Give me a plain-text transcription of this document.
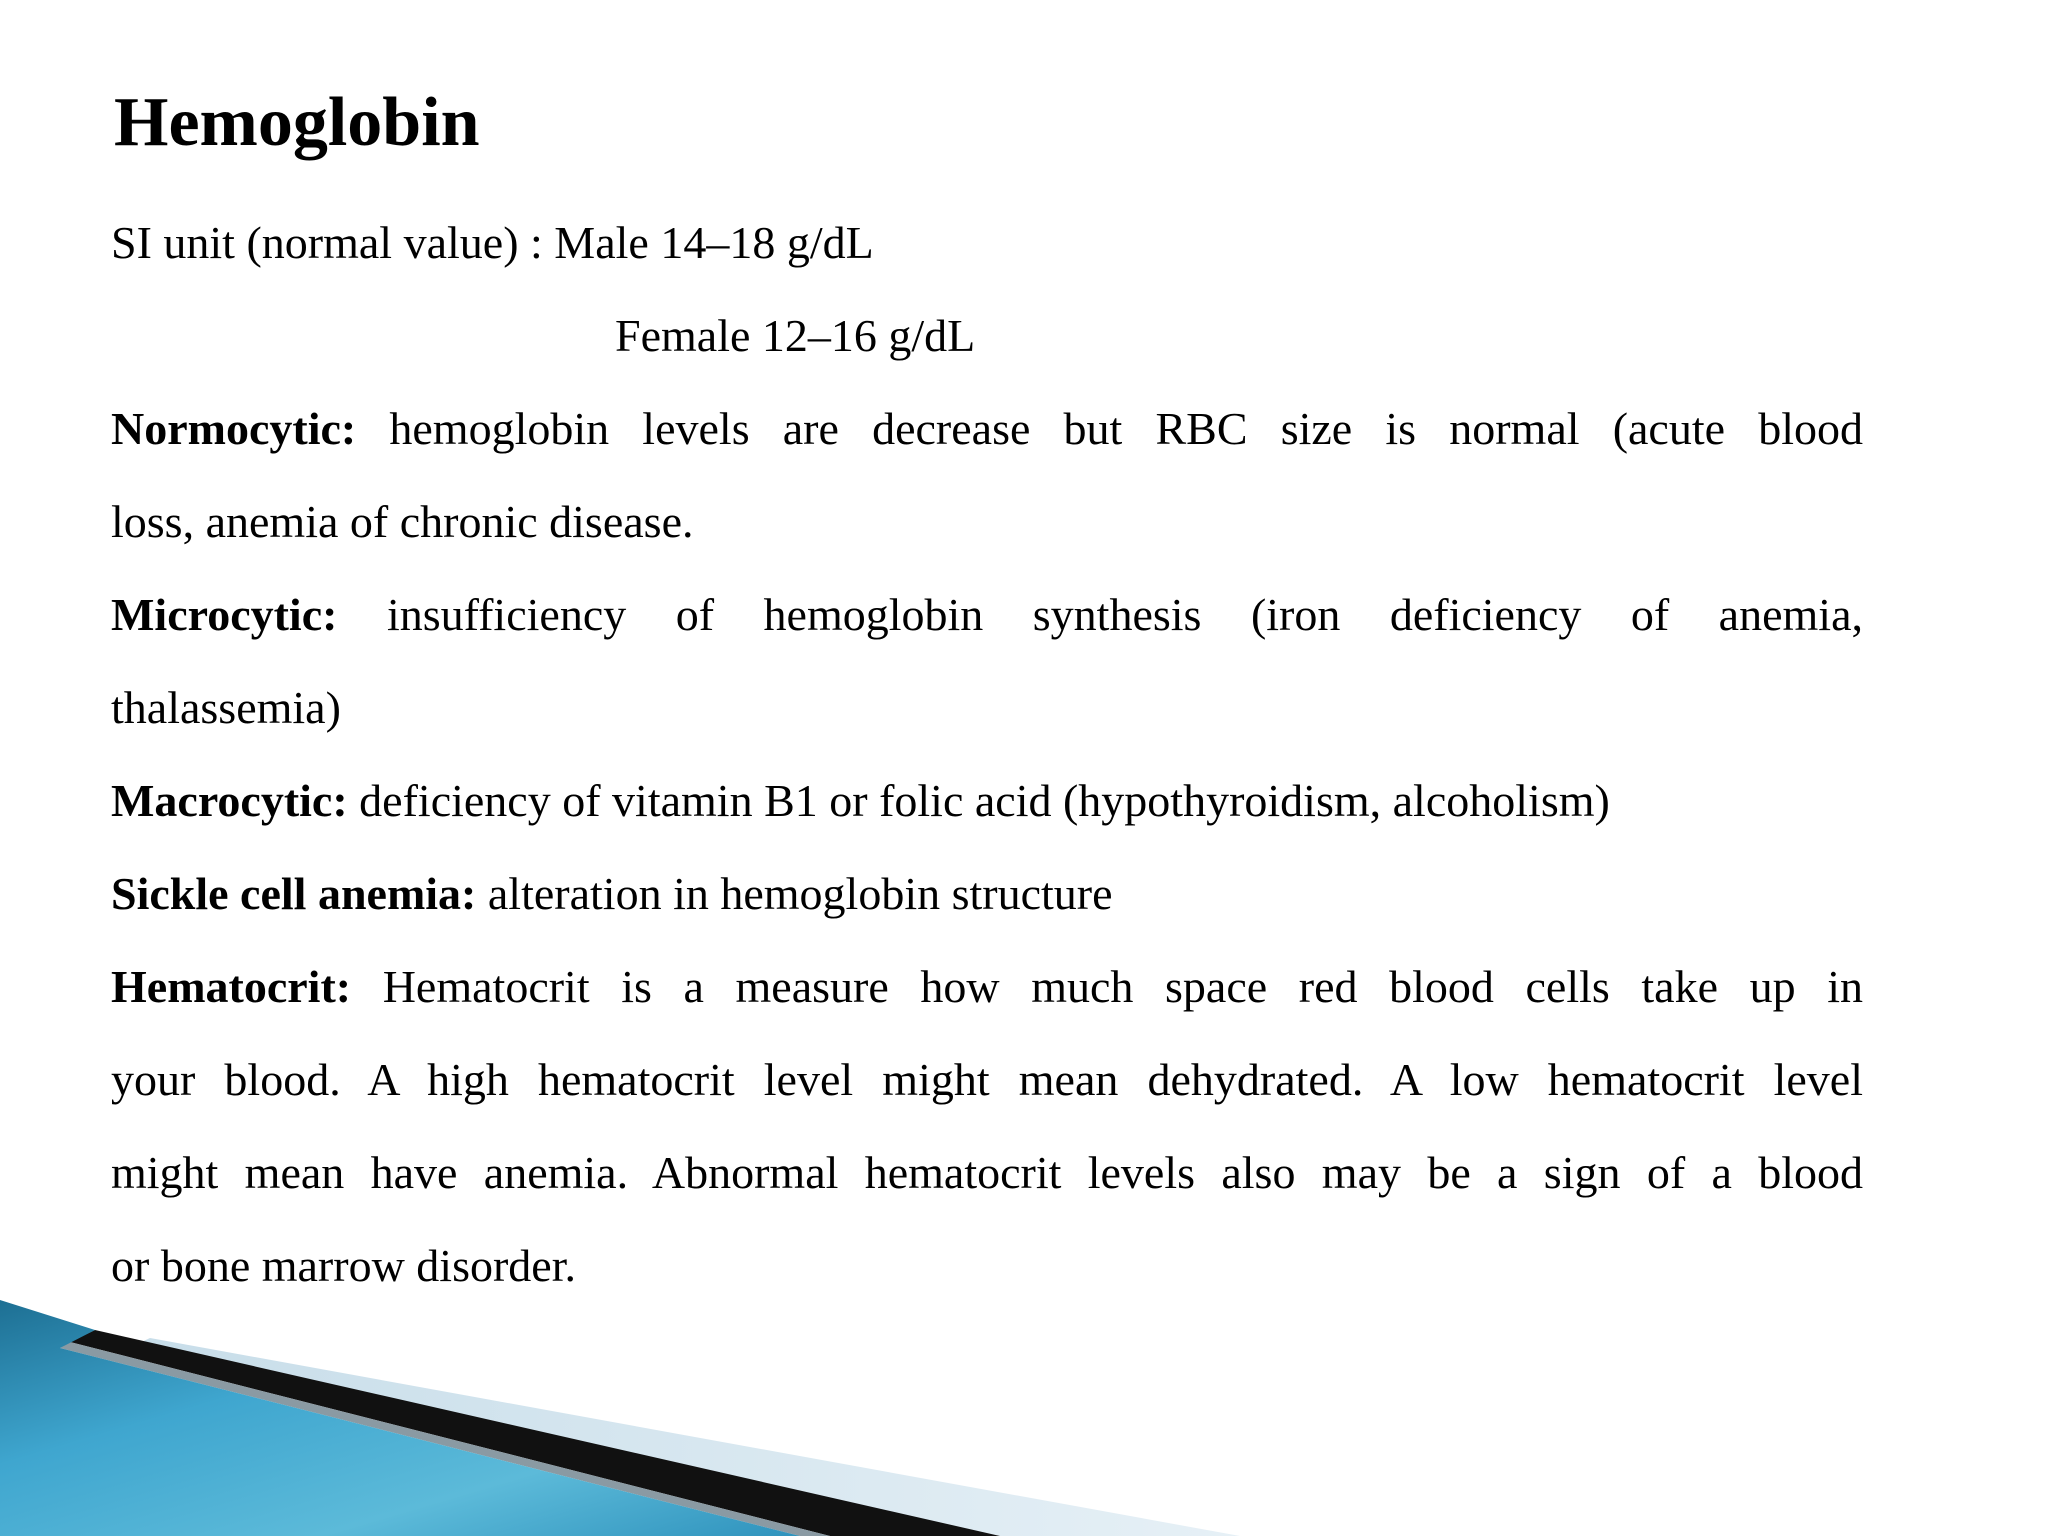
Hemoglobin
SI unit (normal value) : Male 14–18 g/dL
Female 12–16 g/dL
Normocytic: hemoglobin levels are decrease but RBC size is normal (acute blood
loss, anemia of chronic disease.
Microcytic: insufficiency of hemoglobin synthesis (iron deficiency of anemia,
thalassemia)
Macrocytic: deficiency of vitamin B1 or folic acid (hypothyroidism, alcoholism)
Sickle cell anemia: alteration in hemoglobin structure
Hematocrit: Hematocrit is a measure how much space red blood cells take up in
your blood. A high hematocrit level might mean dehydrated. A low hematocrit level
might mean have anemia. Abnormal hematocrit levels also may be a sign of a blood
or bone marrow disorder.
